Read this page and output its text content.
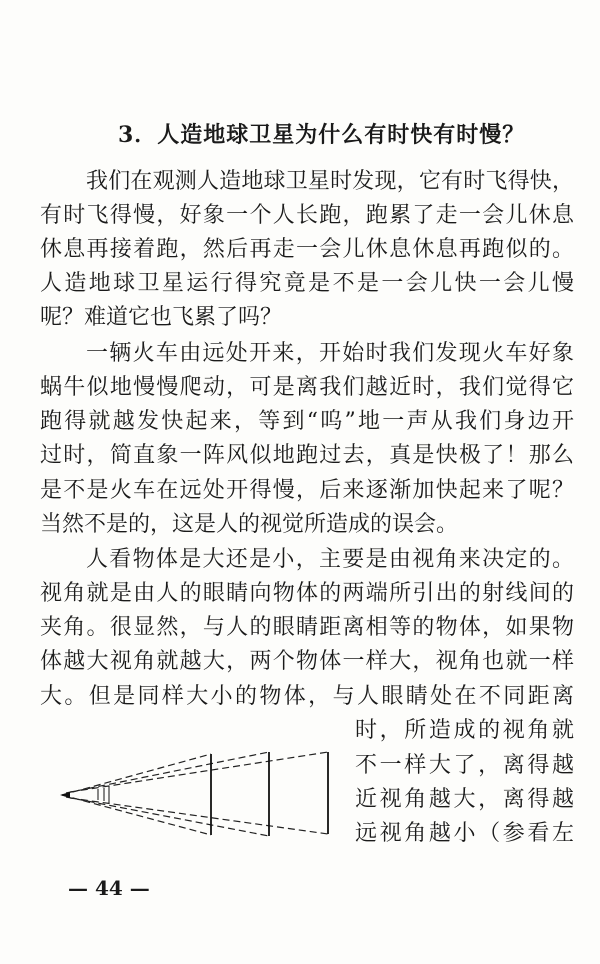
3．人造地球卫星为什么有时快有时慢？
我们在观测人造地球卫星时发现，它有时飞得快，
有时飞得慢，好象一个人长跑，跑累了走一会儿休息
休息再接着跑，然后再走一会儿休息休息再跑似的。
人造地球卫星运行得究竟是不是一会儿快一会儿慢
呢？难道它也飞累了吗？
一辆火车由远处开来，开始时我们发现火车好象
蜗牛似地慢慢爬动，可是离我们越近时，我们觉得它
跑得就越发快起来，等到“呜”地一声从我们身边开
过时，简直象一阵风似地跑过去，真是快极了！那么
是不是火车在远处开得慢，后来逐渐加快起来了呢？
当然不是的，这是人的视觉所造成的误会。
人看物体是大还是小，主要是由视角来决定的。
视角就是由人的眼睛向物体的两端所引出的射线间的
夹角。很显然，与人的眼睛距离相等的物体，如果物
体越大视角就越大，两个物体一样大，视角也就一样
大。但是同样大小的物体，与人眼睛处在不同距离
时，所造成的视角就
不一样大了，离得越
近视角越大，离得越
远视角越小（参看左
— 44 —
